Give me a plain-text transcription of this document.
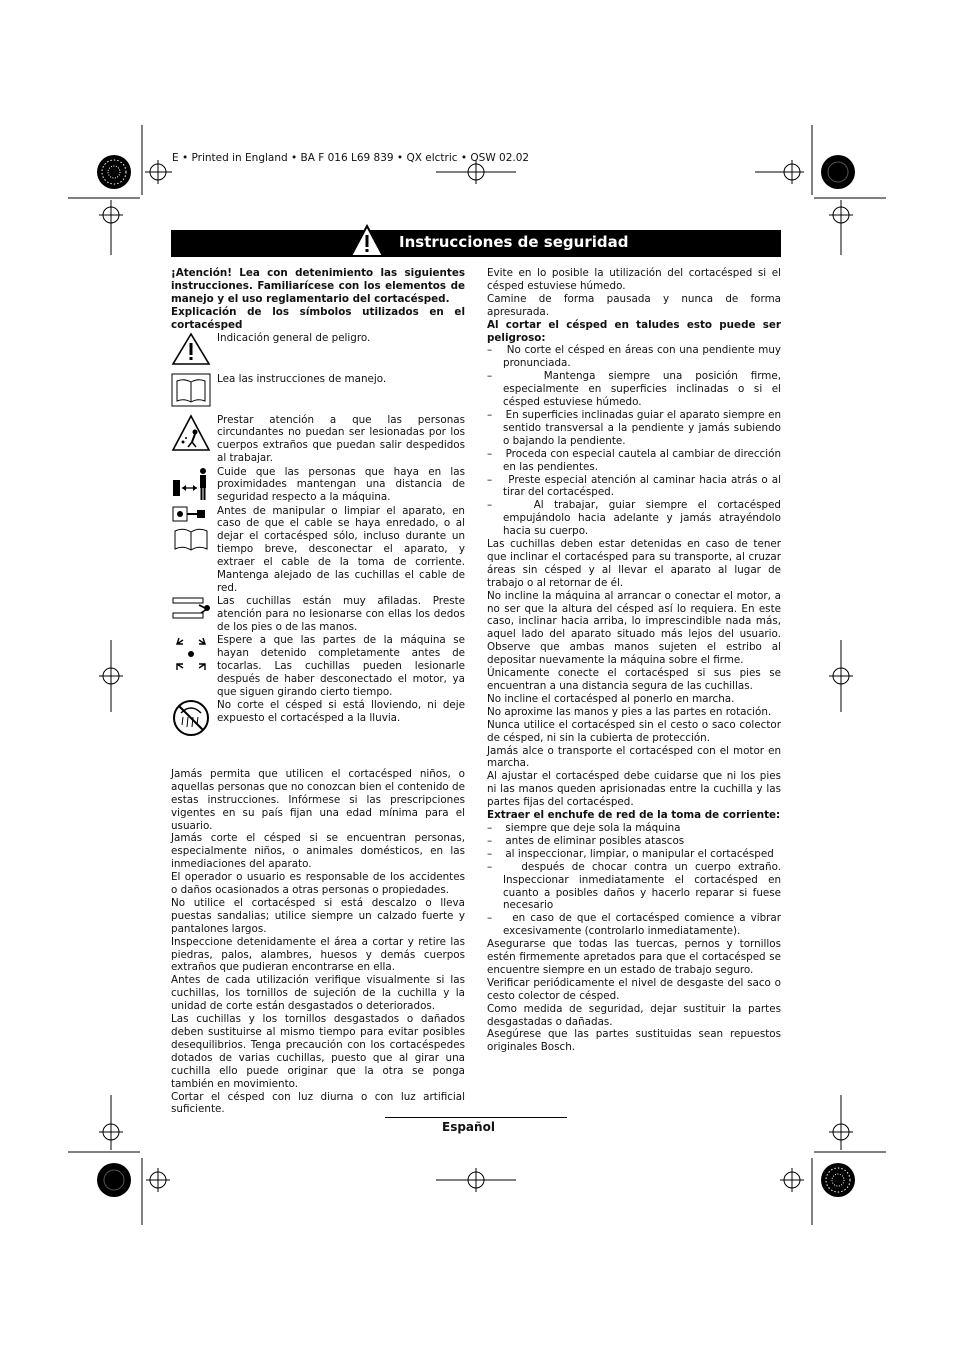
E • Printed in England • BA F 016 L69 839 • QX elctric • OSW 02.02
Instrucciones de seguridad

¡Atención! Lea con detenimiento las siguientes instrucciones. Familiarícese con los elementos de manejo y el uso reglamentario del cortacésped.

Explicación de los símbolos utilizados en el cortacésped

Indicación general de peligro.
Lea las instrucciones de manejo.
Prestar atención a que las personas circundantes no puedan ser lesionadas por los cuerpos extraños que puedan salir despedidos al trabajar.
Cuide que las personas que haya en las proximidades mantengan una distancia de seguridad respecto a la máquina.
Antes de manipular o limpiar el aparato, en caso de que el cable se haya enredado, o al dejar el cortacésped sólo, incluso durante un tiempo breve, desconectar el aparato, y extraer el cable de la toma de corriente. Mantenga alejado de las cuchillas el cable de red.
Las cuchillas están muy afiladas. Preste atención para no lesionarse con ellas los dedos de los pies o de las manos.
Espere a que las partes de la máquina se hayan detenido completamente antes de tocarlas. Las cuchillas pueden lesionarle después de haber desconectado el motor, ya que siguen girando cierto tiempo.
No corte el césped si está lloviendo, ni deje expuesto el cortacésped a la lluvia.

Jamás permita que utilicen el cortacésped niños, o aquellas personas que no conozcan bien el contenido de estas instrucciones. Infórmese si las prescripciones vigentes en su país fijan una edad mínima para el usuario.

Jamás corte el césped si se encuentran personas, especialmente niños, o animales domésticos, en las inmediaciones del aparato.

El operador o usuario es responsable de los accidentes o daños ocasionados a otras personas o propiedades.

No utilice el cortacésped si está descalzo o lleva puestas sandalias; utilice siempre un calzado fuerte y pantalones largos.

Inspeccione detenidamente el área a cortar y retire las piedras, palos, alambres, huesos y demás cuerpos extraños que pudieran encontrarse en ella.

Antes de cada utilización verifique visualmente si las cuchillas, los tornillos de sujeción de la cuchilla y la unidad de corte están desgastados o deteriorados.

Las cuchillas y los tornillos desgastados o dañados deben sustituirse al mismo tiempo para evitar posibles desequilibrios. Tenga precaución con los cortacéspedes dotados de varias cuchillas, puesto que al girar una cuchilla ello puede originar que la otra se ponga también en movimiento.

Cortar el césped con luz diurna o con luz artificial suficiente.

Evite en lo posible la utilización del cortacésped si el césped estuviese húmedo.

Camine de forma pausada y nunca de forma apresurada.

Al cortar el césped en taludes esto puede ser peligroso:

– No corte el césped en áreas con una pendiente muy pronunciada.

–	Mantenga siempre una posición firme, especialmente en superficies inclinadas o si el césped estuviese húmedo.

– En superficies inclinadas guiar el aparato siempre en sentido transversal a la pendiente y jamás subiendo o bajando la pendiente.

– Proceda con especial cautela al cambiar de dirección en las pendientes.

– Preste especial atención al caminar hacia atrás o al tirar del cortacésped.

–	Al trabajar, guiar siempre el cortacésped empujándolo hacia adelante y jamás atrayéndolo hacia su cuerpo.

Las cuchillas deben estar detenidas en caso de tener que inclinar el cortacésped para su transporte, al cruzar áreas sin césped y al llevar el aparato al lugar de trabajo o al retornar de él.

No incline la máquina al arrancar o conectar el motor, a no ser que la altura del césped así lo requiera. En este caso, inclinar hacia arriba, lo imprescindible nada más, aquel lado del aparato situado más lejos del usuario. Observe que ambas manos sujeten el estribo al depositar nuevamente la máquina sobre el firme.

Únicamente conecte el cortacésped si sus pies se encuentran a una distancia segura de las cuchillas.

No incline el cortacésped al ponerlo en marcha.

No aproxime las manos y pies a las partes en rotación.

Nunca utilice el cortacésped sin el cesto o saco colector de césped, ni sin la cubierta de protección.

Jamás alce o transporte el cortacésped con el motor en marcha.

Al ajustar el cortacésped debe cuidarse que ni los pies ni las manos queden aprisionadas entre la cuchilla y las partes fijas del cortacésped.

Extraer el enchufe de red de la toma de corriente:

– siempre que deje sola la máquina

– antes de eliminar posibles atascos

– al inspeccionar, limpiar, o manipular el cortacésped

–	después de chocar contra un cuerpo extraño. Inspeccionar inmediatamente el cortacésped en cuanto a posibles daños y hacerlo reparar si fuese necesario

– en caso de que el cortacésped comience a vibrar excesivamente (controlarlo inmediatamente).

Asegurarse que todas las tuercas, pernos y tornillos estén firmemente apretados para que el cortacésped se encuentre siempre en un estado de trabajo seguro.

Verificar periódicamente el nivel de desgaste del saco o cesto colector de césped.

Como medida de seguridad, dejar sustituir la partes desgastadas o dañadas.

Asegúrese que las partes sustituidas sean repuestos originales Bosch.

Español
